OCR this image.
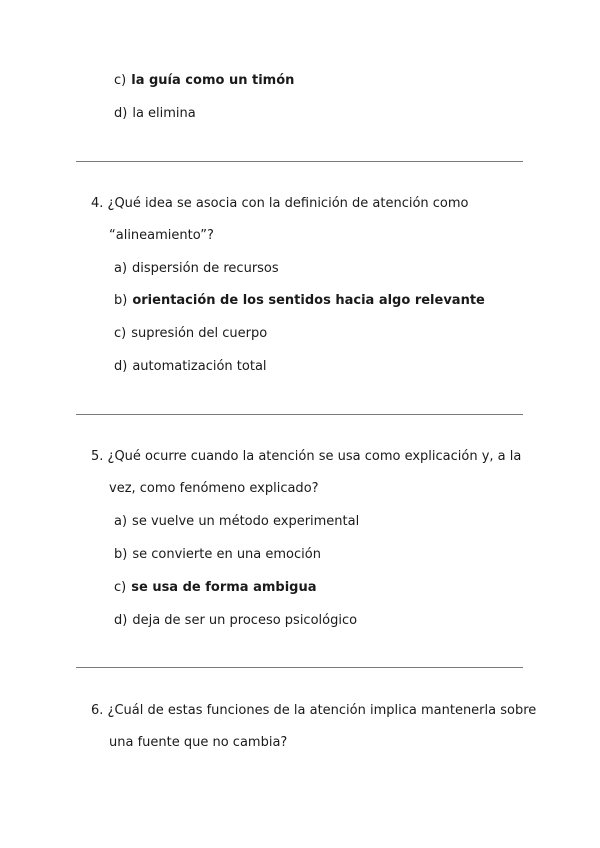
c) la guía como un timón
d) la elimina
4. ¿Qué idea se asocia con la definición de atención como
“alineamiento”?
a) dispersión de recursos
b) orientación de los sentidos hacia algo relevante
c) supresión del cuerpo
d) automatización total
5. ¿Qué ocurre cuando la atención se usa como explicación y, a la
vez, como fenómeno explicado?
a) se vuelve un método experimental
b) se convierte en una emoción
c) se usa de forma ambigua
d) deja de ser un proceso psicológico
6. ¿Cuál de estas funciones de la atención implica mantenerla sobre
una fuente que no cambia?
